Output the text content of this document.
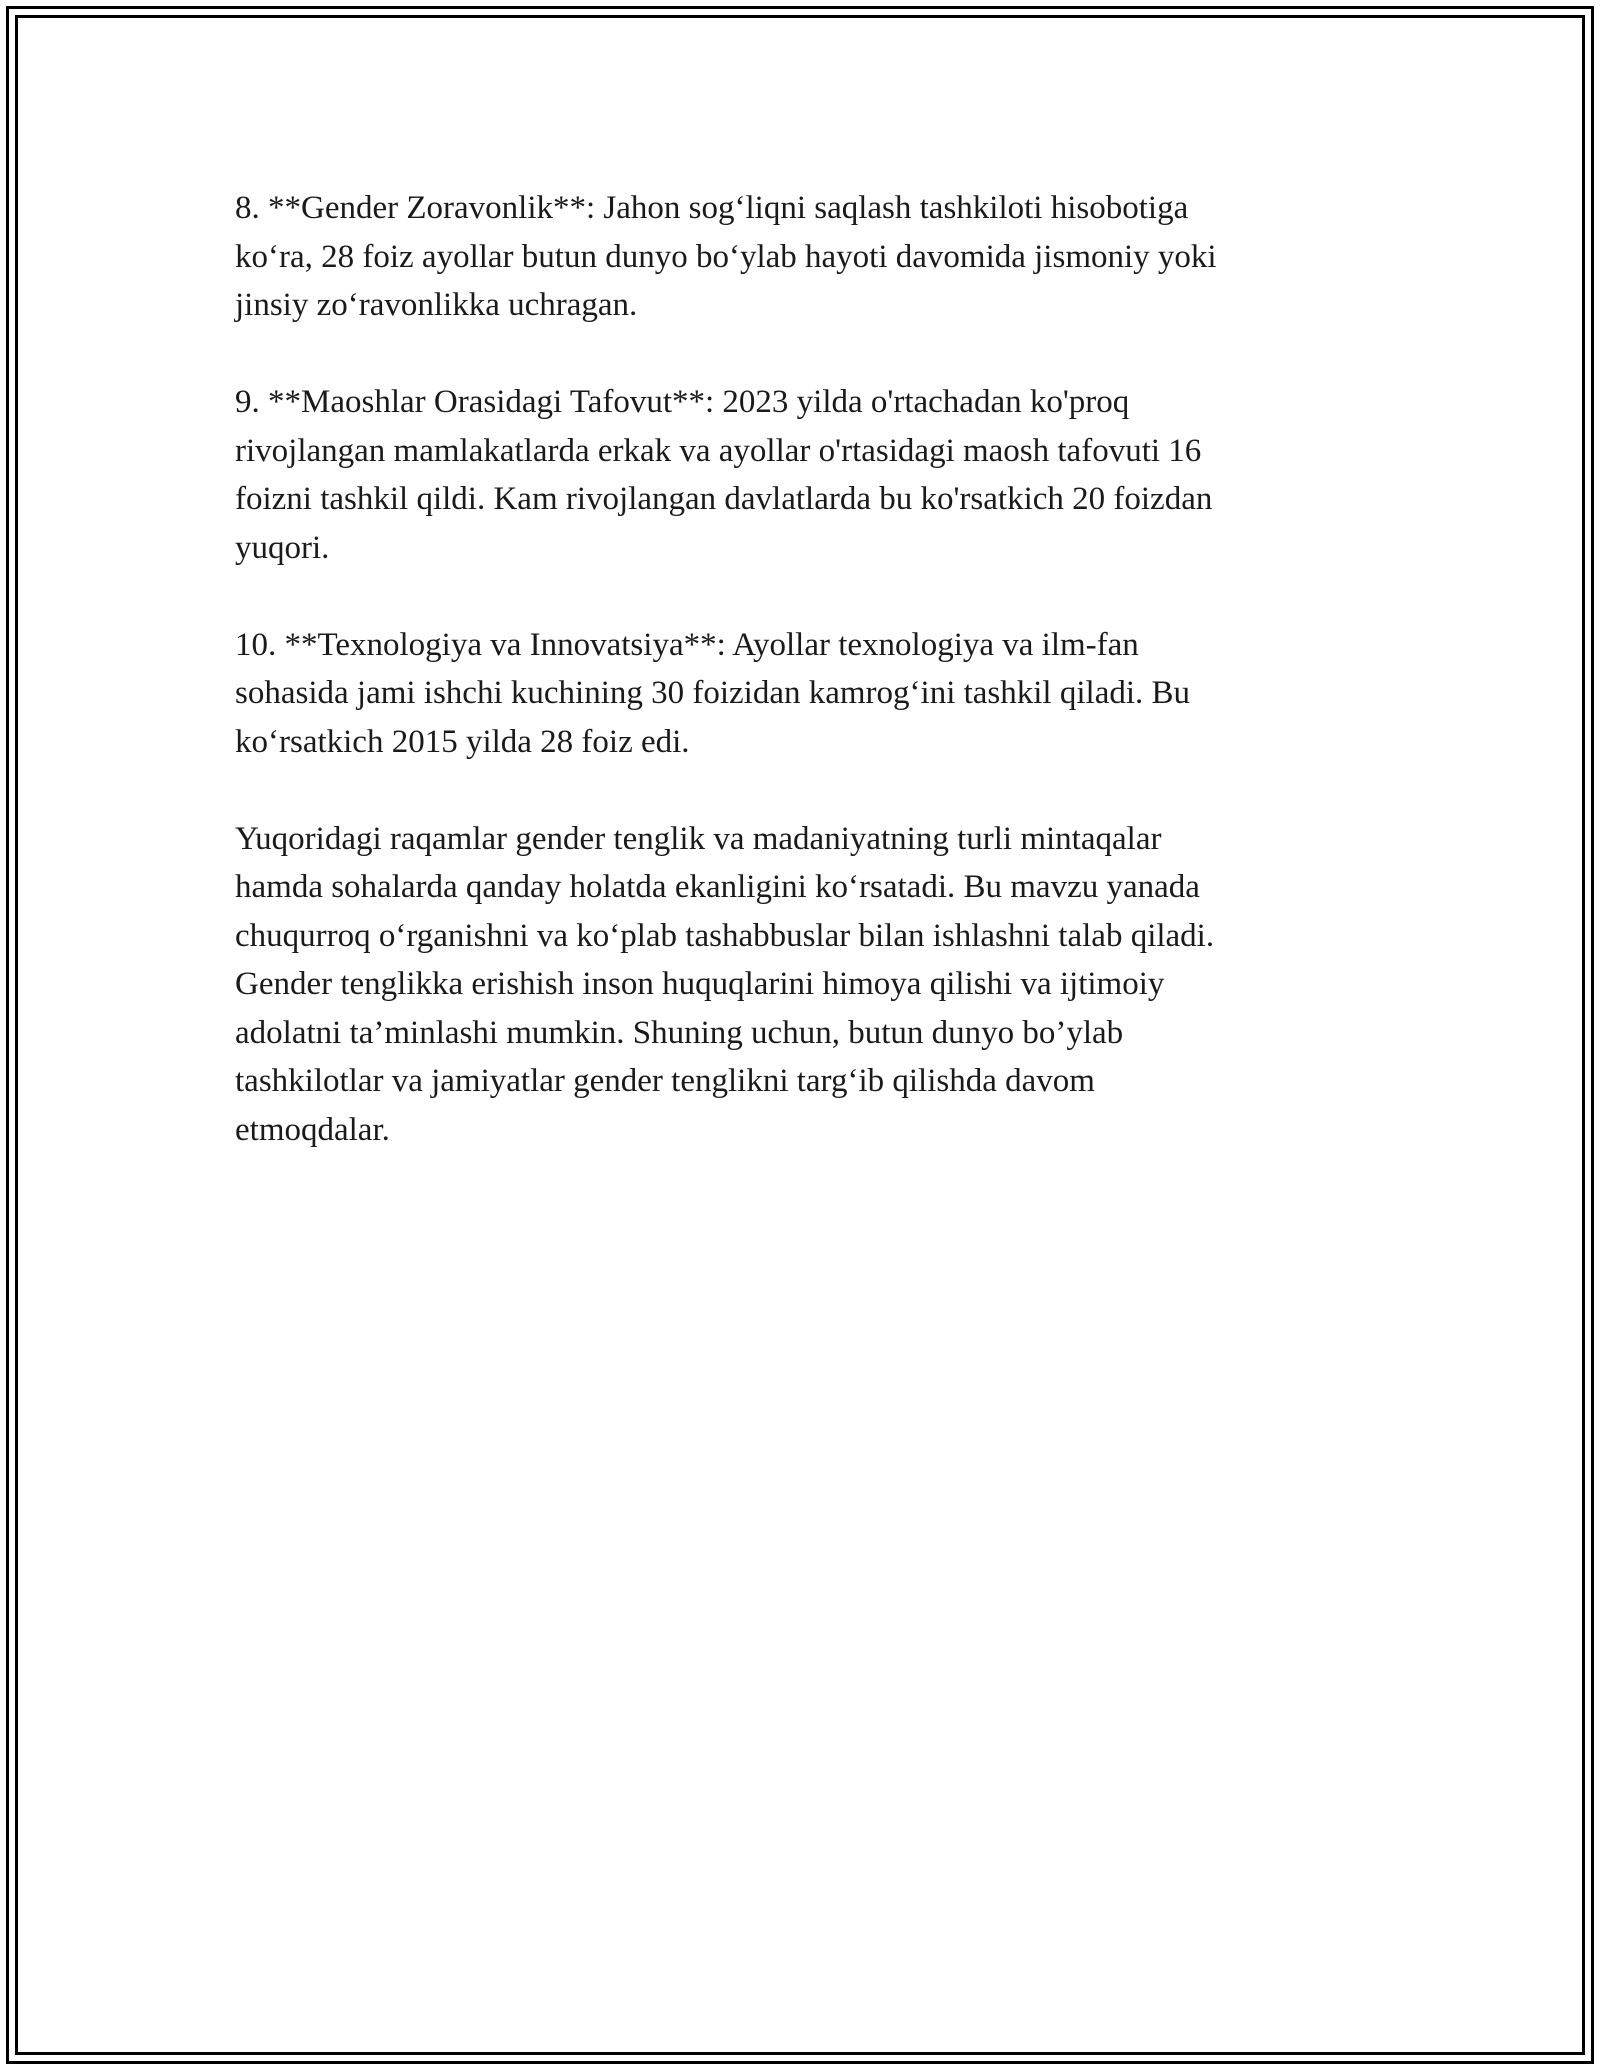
8. **Gender Zoravonlik**: Jahon sog‘liqni saqlash tashkiloti hisobotiga
ko‘ra, 28 foiz ayollar butun dunyo bo‘ylab hayoti davomida jismoniy yoki
jinsiy zo‘ravonlikka uchragan.

9. **Maoshlar Orasidagi Tafovut**: 2023 yilda o'rtachadan ko'proq
rivojlangan mamlakatlarda erkak va ayollar o'rtasidagi maosh tafovuti 16
foizni tashkil qildi. Kam rivojlangan davlatlarda bu ko'rsatkich 20 foizdan
yuqori.

10. **Texnologiya va Innovatsiya**: Ayollar texnologiya va ilm-fan
sohasida jami ishchi kuchining 30 foizidan kamrog‘ini tashkil qiladi. Bu
ko‘rsatkich 2015 yilda 28 foiz edi.

Yuqoridagi raqamlar gender tenglik va madaniyatning turli mintaqalar
hamda sohalarda qanday holatda ekanligini ko‘rsatadi. Bu mavzu yanada
chuqurroq o‘rganishni va ko‘plab tashabbuslar bilan ishlashni talab qiladi.
Gender tenglikka erishish inson huquqlarini himoya qilishi va ijtimoiy
adolatni ta’minlashi mumkin. Shuning uchun, butun dunyo bo’ylab
tashkilotlar va jamiyatlar gender tenglikni targ‘ib qilishda davom
etmoqdalar.
